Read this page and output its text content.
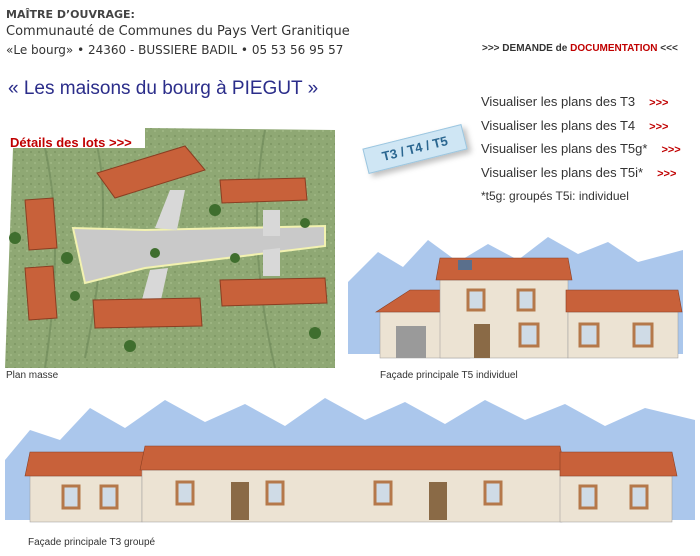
MAÎTRE D’OUVRAGE:
Communauté de Communes du Pays Vert Granitique
«Le bourg» • 24360 - BUSSIERE BADIL • 05 53 56 95 57	>>> DEMANDE de DOCUMENTATION <<<
« Les maisons du bourg à PIEGUT »
Détails des lots >>>	T3 / T4 / T5
Visualiser les plans des T3 >>>
Visualiser les plans des T4 >>>
Visualiser les plans des T5g* >>>
Visualiser les plans des T5i* >>>
*t5g: groupés T5i: individuel
Plan masse	Façade principale T5 individuel
Façade principale T3 groupé
